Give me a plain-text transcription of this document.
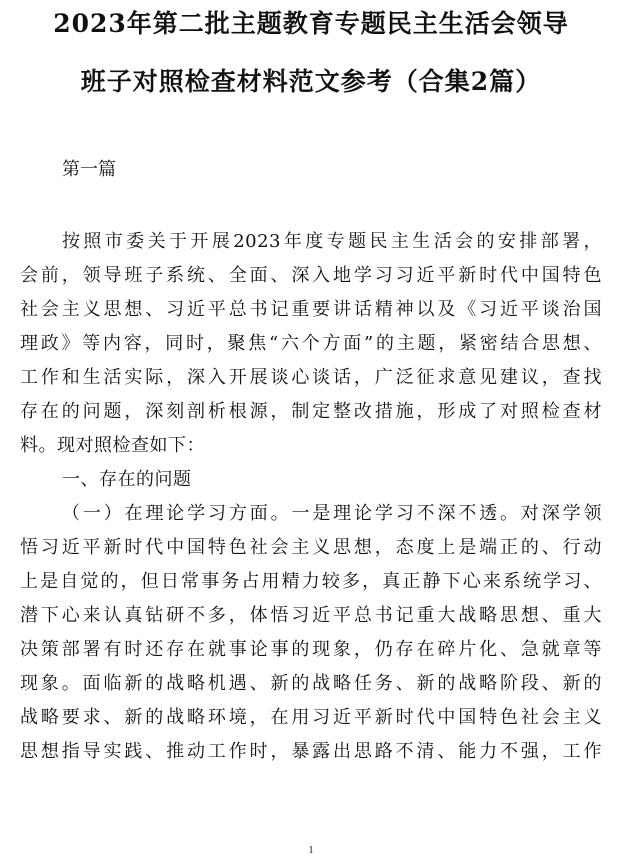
2023年第二批主题教育专题民主生活会领导
班子对照检查材料范文参考（合集2篇）
第一篇
按照市委关于开展2023年度专题民主生活会的安排部署，
会前，领导班子系统、全面、深入地学习习近平新时代中国特色
社会主义思想、习近平总书记重要讲话精神以及《习近平谈治国
理政》等内容，同时，聚焦“六个方面”的主题，紧密结合思想、
工作和生活实际，深入开展谈心谈话，广泛征求意见建议，查找
存在的问题，深刻剖析根源，制定整改措施，形成了对照检查材
料。现对照检查如下：
一、存在的问题
（一）在理论学习方面。一是理论学习不深不透。对深学领
悟习近平新时代中国特色社会主义思想，态度上是端正的、行动
上是自觉的，但日常事务占用精力较多，真正静下心来系统学习、
潜下心来认真钻研不多，体悟习近平总书记重大战略思想、重大
决策部署有时还存在就事论事的现象，仍存在碎片化、急就章等
现象。面临新的战略机遇、新的战略任务、新的战略阶段、新的
战略要求、新的战略环境，在用习近平新时代中国特色社会主义
思想指导实践、推动工作时，暴露出思路不清、能力不强，工作
1
